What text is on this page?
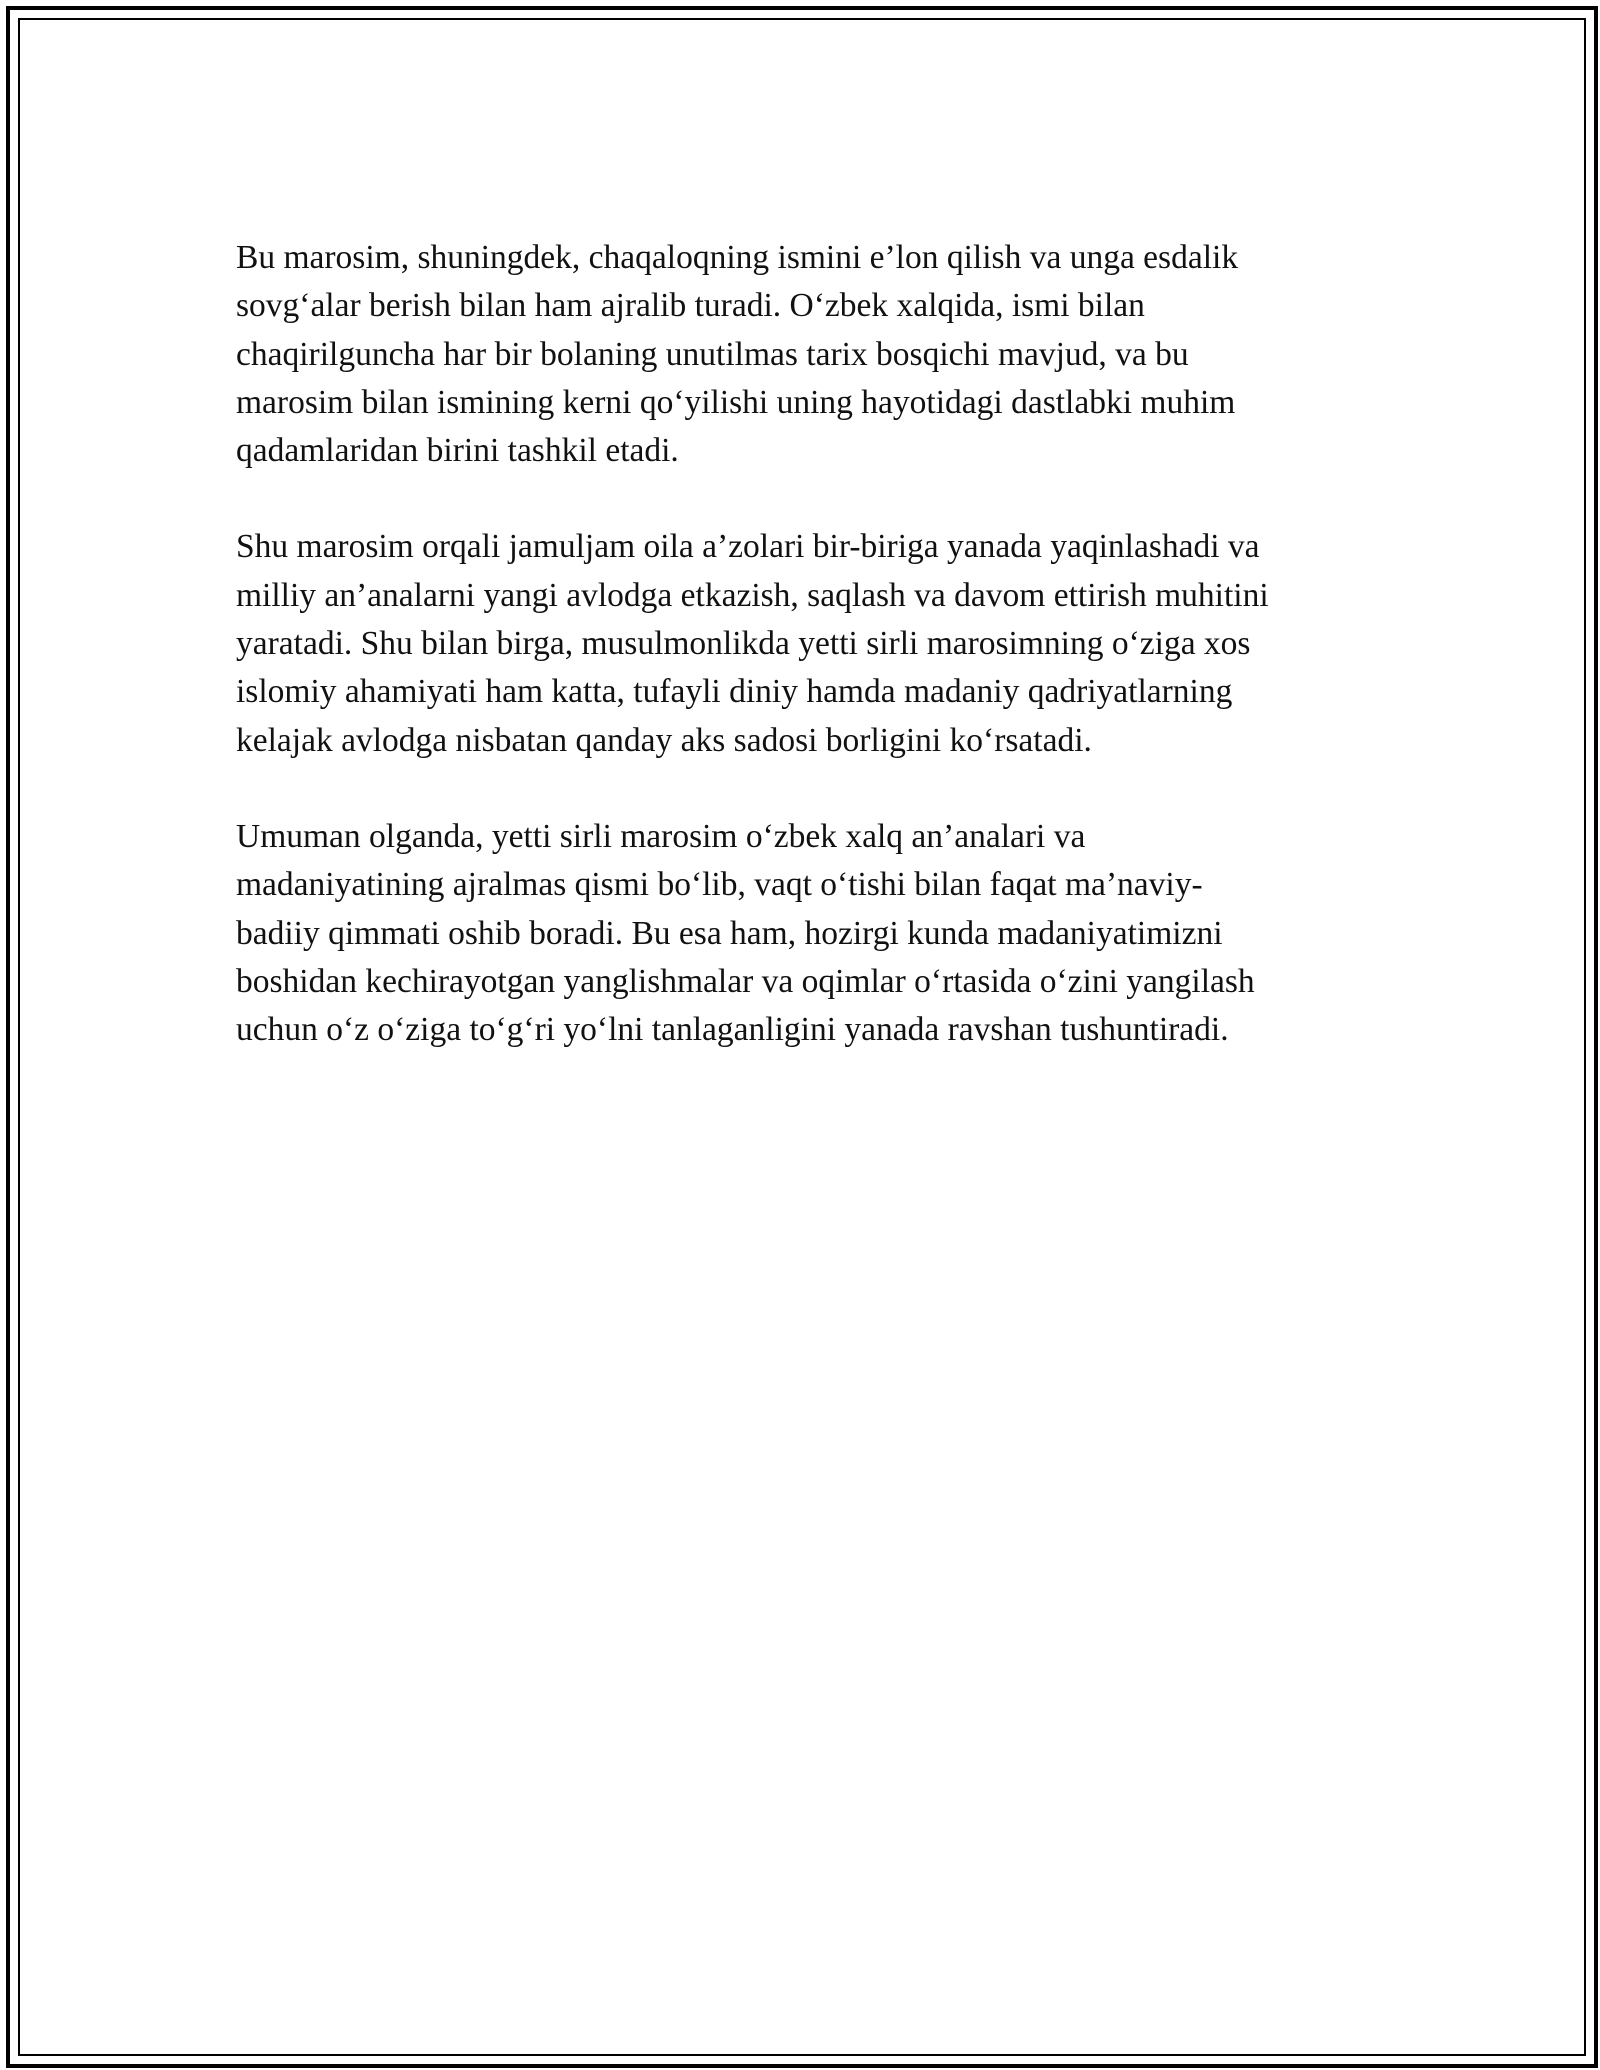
Bu marosim, shuningdek, chaqaloqning ismini e’lon qilish va unga esdalik
sovg‘alar berish bilan ham ajralib turadi. O‘zbek xalqida, ismi bilan
chaqirilguncha har bir bolaning unutilmas tarix bosqichi mavjud, va bu
marosim bilan ismining kerni qo‘yilishi uning hayotidagi dastlabki muhim
qadamlaridan birini tashkil etadi.

Shu marosim orqali jamuljam oila a’zolari bir-biriga yanada yaqinlashadi va
milliy an’analarni yangi avlodga etkazish, saqlash va davom ettirish muhitini
yaratadi. Shu bilan birga, musulmonlikda yetti sirli marosimning o‘ziga xos
islomiy ahamiyati ham katta, tufayli diniy hamda madaniy qadriyatlarning
kelajak avlodga nisbatan qanday aks sadosi borligini ko‘rsatadi.

Umuman olganda, yetti sirli marosim o‘zbek xalq an’analari va
madaniyatining ajralmas qismi bo‘lib, vaqt o‘tishi bilan faqat ma’naviy-
badiiy qimmati oshib boradi. Bu esa ham, hozirgi kunda madaniyatimizni
boshidan kechirayotgan yanglishmalar va oqimlar o‘rtasida o‘zini yangilash
uchun o‘z o‘ziga to‘g‘ri yo‘lni tanlaganligini yanada ravshan tushuntiradi.
